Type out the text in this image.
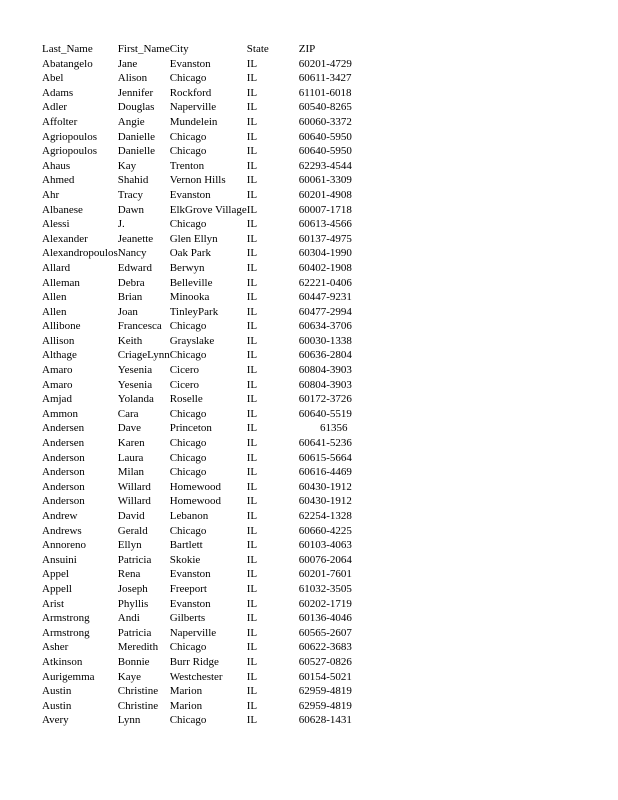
Last_Name	First_Name	City	State	ZIP
Abatangelo	Jane	Evanston	IL	60201-4729
Abel	Alison	Chicago	IL	60611-3427
Adams	Jennifer	Rockford	IL	61101-6018
Adler	Douglas	Naperville	IL	60540-8265
Affolter	Angie	Mundelein	IL	60060-3372
Agriopoulos	Danielle	Chicago	IL	60640-5950
Agriopoulos	Danielle	Chicago	IL	60640-5950
Ahaus	Kay	Trenton	IL	62293-4544
Ahmed	Shahid	Vernon Hills	IL	60061-3309
Ahr	Tracy	Evanston	IL	60201-4908
Albanese	Dawn	ElkGrove Village	IL	60007-1718
Alessi	J.	Chicago	IL	60613-4566
Alexander	Jeanette	Glen Ellyn	IL	60137-4975
Alexandropoulos	Nancy	Oak Park	IL	60304-1990
Allard	Edward	Berwyn	IL	60402-1908
Alleman	Debra	Belleville	IL	62221-0406
Allen	Brian	Minooka	IL	60447-9231
Allen	Joan	TinleyPark	IL	60477-2994
Allibone	Francesca	Chicago	IL	60634-3706
Allison	Keith	Grayslake	IL	60030-1338
Althage	CriageLynn	Chicago	IL	60636-2804
Amaro	Yesenia	Cicero	IL	60804-3903
Amaro	Yesenia	Cicero	IL	60804-3903
Amjad	Yolanda	Roselle	IL	60172-3726
Ammon	Cara	Chicago	IL	60640-5519
Andersen	Dave	Princeton	IL	61356
Andersen	Karen	Chicago	IL	60641-5236
Anderson	Laura	Chicago	IL	60615-5664
Anderson	Milan	Chicago	IL	60616-4469
Anderson	Willard	Homewood	IL	60430-1912
Anderson	Willard	Homewood	IL	60430-1912
Andrew	David	Lebanon	IL	62254-1328
Andrews	Gerald	Chicago	IL	60660-4225
Annoreno	Ellyn	Bartlett	IL	60103-4063
Ansuini	Patricia	Skokie	IL	60076-2064
Appel	Rena	Evanston	IL	60201-7601
Appell	Joseph	Freeport	IL	61032-3505
Arist	Phyllis	Evanston	IL	60202-1719
Armstrong	Andi	Gilberts	IL	60136-4046
Armstrong	Patricia	Naperville	IL	60565-2607
Asher	Meredith	Chicago	IL	60622-3683
Atkinson	Bonnie	Burr Ridge	IL	60527-0826
Aurigemma	Kaye	Westchester	IL	60154-5021
Austin	Christine	Marion	IL	62959-4819
Austin	Christine	Marion	IL	62959-4819
Avery	Lynn	Chicago	IL	60628-1431
